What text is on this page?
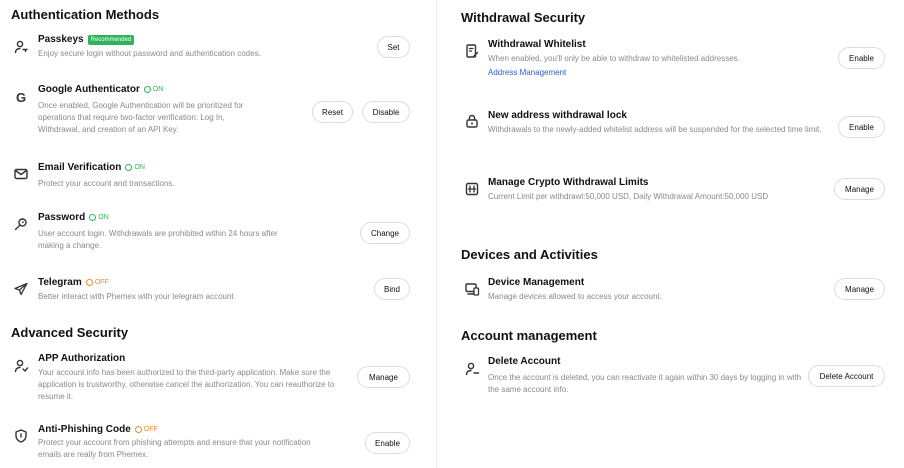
Authentication Methods
Passkeys	Recommended
Enjoy secure login without password and authentication codes.
Set
G
Google Authenticator ON
Once enabled, Google Authentication will be prioritized for operations that require two-factor verification: Log In, Withdrawal, and creation of an API Key.
Reset	Disable
Email Verification ON
Protect your account and transactions.
Password ON
User account login. Withdrawals are prohibited within 24 hours after making a change.
Change
Telegram OFF
Better interact with Phemex with your telegram account
Bind
Advanced Security
APP Authorization
Your account info has been authorized to the third-party application. Make sure the application is trustworthy, otherwise cancel the authorization. You can reauthorize to resume it.
Manage
Anti-Phishing Code OFF
Protect your account from phishing attempts and ensure that your notification emails are really from Phemex.
Enable
Withdrawal Security
Withdrawal Whitelist
When enabled, you'll only be able to withdraw to whitelisted addresses.
Address Management
Enable
New address withdrawal lock
Withdrawals to the newly-added whitelist address will be suspended for the selected time limit.	Enable
Manage Crypto Withdrawal Limits
Current Limit per withdrawl:50,000 USD, Daily Withdrawal Amount:50,000 USD
Manage
Devices and Activities
Device Management
Manage devices allowed to access your account.
Manage
Account management
Delete Account
Once the account is deleted, you can reactivate it again within 30 days by logging in with the same account info.
Delete Account
